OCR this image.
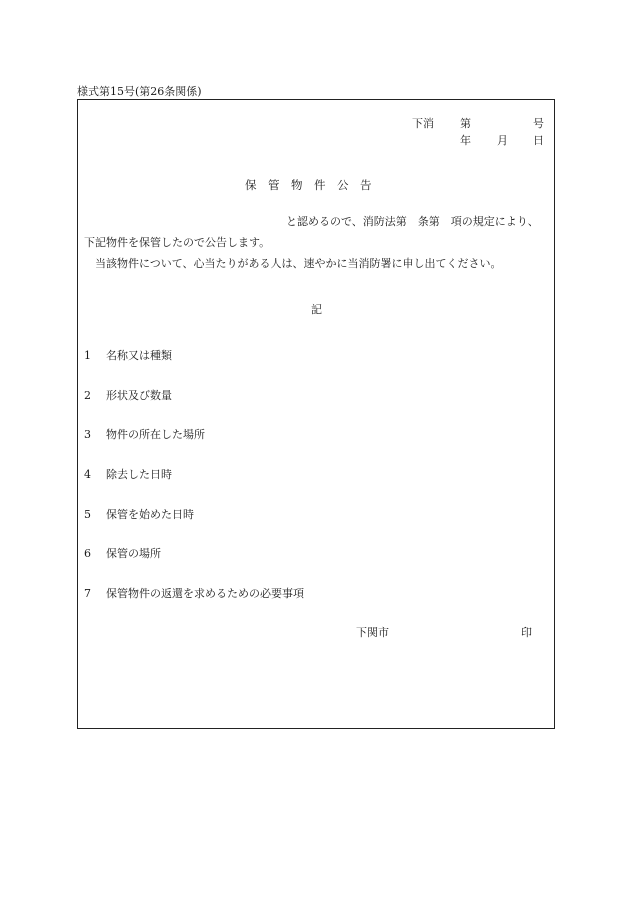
様式第15号(第26条関係)
下消 第	号
年 月 日
保　管　物　件　公　告
と認めるので、消防法第　条第　項の規定により、
下記物件を保管したので公告します。
当該物件について、心当たりがある人は、速やかに当消防署に申し出てください。
記
1 名称又は種類
2 形状及び数量
3 物件の所在した場所
4 除去した日時
5 保管を始めた日時
6 保管の場所
7 保管物件の返還を求めるための必要事項
下関市	印
